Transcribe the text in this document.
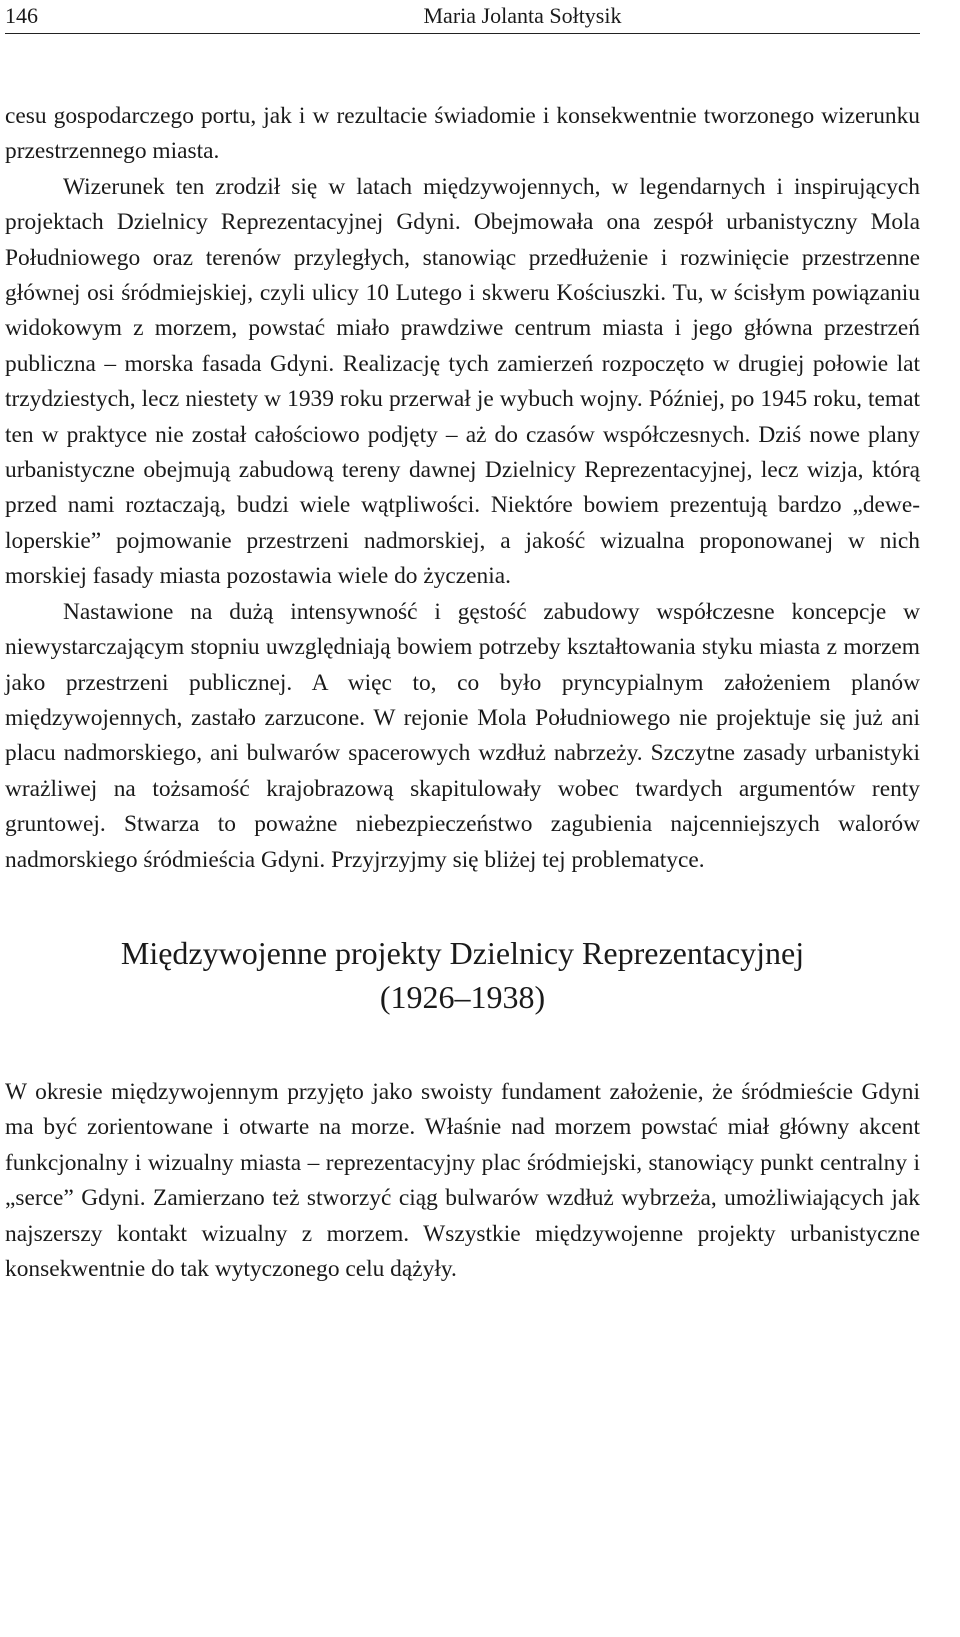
146	Maria Jolanta Sołtysik

cesu gospodarczego portu, jak i w rezultacie świadomie i konsekwentnie tworzonego wizerunku przestrzennego miasta.

Wizerunek ten zrodził się w latach międzywojennych, w legendarnych i inspirujących projektach Dzielnicy Reprezentacyjnej Gdyni. Obejmowała ona zespół urbanistyczny Mola Południowego oraz terenów przyległych, stanowiąc przedłużenie i rozwinięcie przestrzenne głównej osi śródmiejskiej, czyli ulicy 10 Lutego i skweru Kościuszki. Tu, w ścisłym powiązaniu widokowym z morzem, powstać miało prawdziwe centrum miasta i jego główna przestrzeń publiczna – morska fasada Gdyni. Realizację tych zamierzeń rozpoczęto w drugiej połowie lat trzydziestych, lecz niestety w 1939 roku przerwał je wybuch wojny. Później, po 1945 roku, temat ten w praktyce nie został całościowo podjęty – aż do czasów współczesnych. Dziś nowe plany urbanistyczne obejmują zabudową tereny dawnej Dzielnicy Reprezentacyjnej, lecz wizja, którą przed nami roztaczają, budzi wiele wątpliwości. Niektóre bowiem prezentują bardzo „deweloperskie” pojmowanie przestrzeni nadmorskiej, a jakość wizualna proponowanej w nich morskiej fasady miasta pozostawia wiele do życzenia.

Nastawione na dużą intensywność i gęstość zabudowy współczesne koncepcje w niewystarczającym stopniu uwzględniają bowiem potrzeby kształtowania styku miasta z morzem jako przestrzeni publicznej. A więc to, co było pryncypialnym założeniem planów międzywojennych, zastało zarzucone. W rejonie Mola Południowego nie projektuje się już ani placu nadmorskiego, ani bulwarów spacerowych wzdłuż nabrzeży. Szczytne zasady urbanistyki wrażliwej na tożsamość krajobrazową skapitulowały wobec twardych argumentów renty gruntowej. Stwarza to poważne niebezpieczeństwo zagubienia najcenniejszych walorów nadmorskiego śródmieścia Gdyni. Przyjrzyjmy się bliżej tej problematyce.

Międzywojenne projekty Dzielnicy Reprezentacyjnej
(1926–1938)

W okresie międzywojennym przyjęto jako swoisty fundament założenie, że śródmieście Gdyni ma być zorientowane i otwarte na morze. Właśnie nad morzem powstać miał główny akcent funkcjonalny i wizualny miasta – reprezentacyjny plac śródmiejski, stanowiący punkt centralny i „serce” Gdyni. Zamierzano też stworzyć ciąg bulwarów wzdłuż wybrzeża, umożliwiających jak najszerszy kontakt wizualny z morzem. Wszystkie międzywojenne projekty urbanistyczne konsekwentnie do tak wytyczonego celu dążyły.
